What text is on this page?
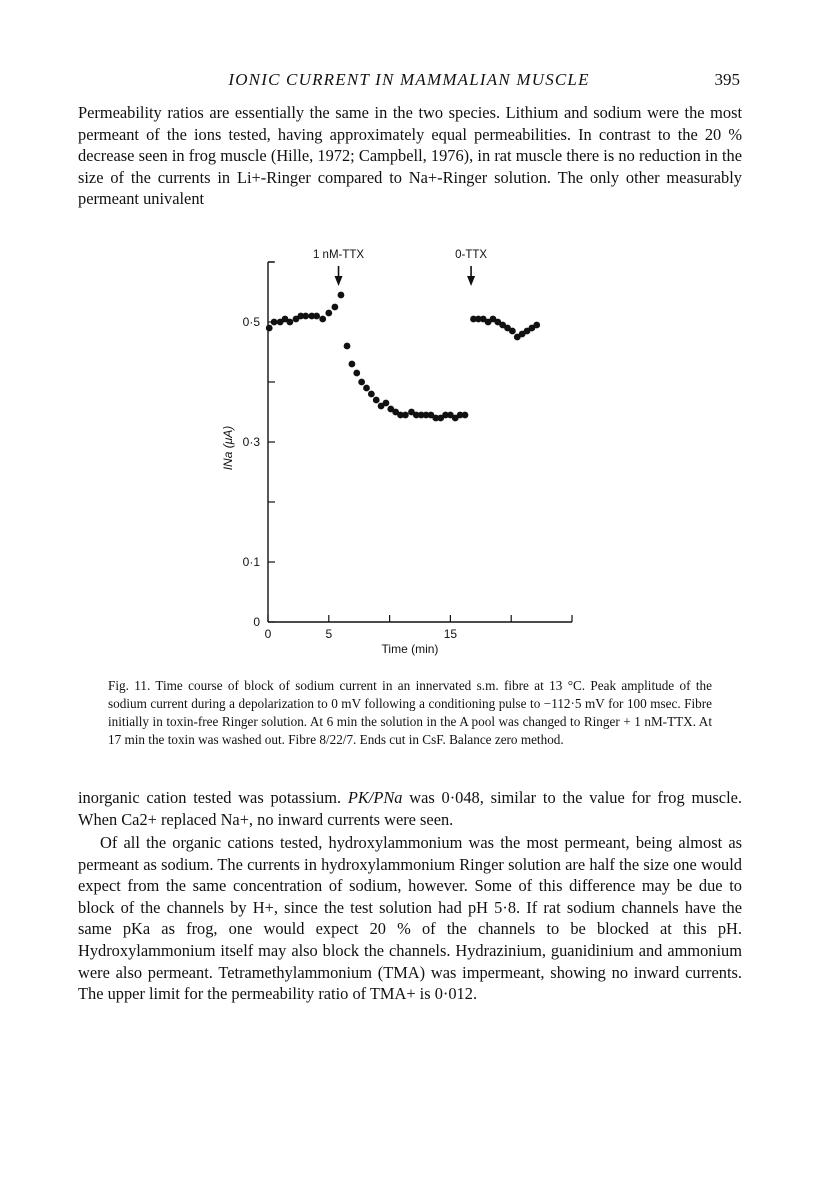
IONIC CURRENT IN MAMMALIAN MUSCLE	395

Permeability ratios are essentially the same in the two species. Lithium and sodium were the most permeant of the ions tested, having approximately equal permeabilities. In contrast to the 20 % decrease seen in frog muscle (Hille, 1972; Campbell, 1976), in rat muscle there is no reduction in the size of the currents in Li+-Ringer compared to Na+-Ringer solution. The only other measurably permeant univalent

0
0·1
0·3
0·5
0	5	15
Time (min)
INa (μA)
1 nM-TTX	0-TTX

Fig. 11. Time course of block of sodium current in an innervated s.m. fibre at 13 °C. Peak amplitude of the sodium current during a depolarization to 0 mV following a conditioning pulse to −112·5 mV for 100 msec. Fibre initially in toxin-free Ringer solution. At 6 min the solution in the A pool was changed to Ringer + 1 nM-TTX. At 17 min the toxin was washed out. Fibre 8/22/7. Ends cut in CsF. Balance zero method.

inorganic cation tested was potassium. PK/PNa was 0·048, similar to the value for frog muscle. When Ca2+ replaced Na+, no inward currents were seen.

Of all the organic cations tested, hydroxylammonium was the most permeant, being almost as permeant as sodium. The currents in hydroxylammonium Ringer solution are half the size one would expect from the same concentration of sodium, however. Some of this difference may be due to block of the channels by H+, since the test solution had pH 5·8. If rat sodium channels have the same pKa as frog, one would expect 20 % of the channels to be blocked at this pH. Hydroxylammonium itself may also block the channels. Hydrazinium, guanidinium and ammonium were also permeant. Tetramethylammonium (TMA) was impermeant, showing no inward currents. The upper limit for the permeability ratio of TMA+ is 0·012.
